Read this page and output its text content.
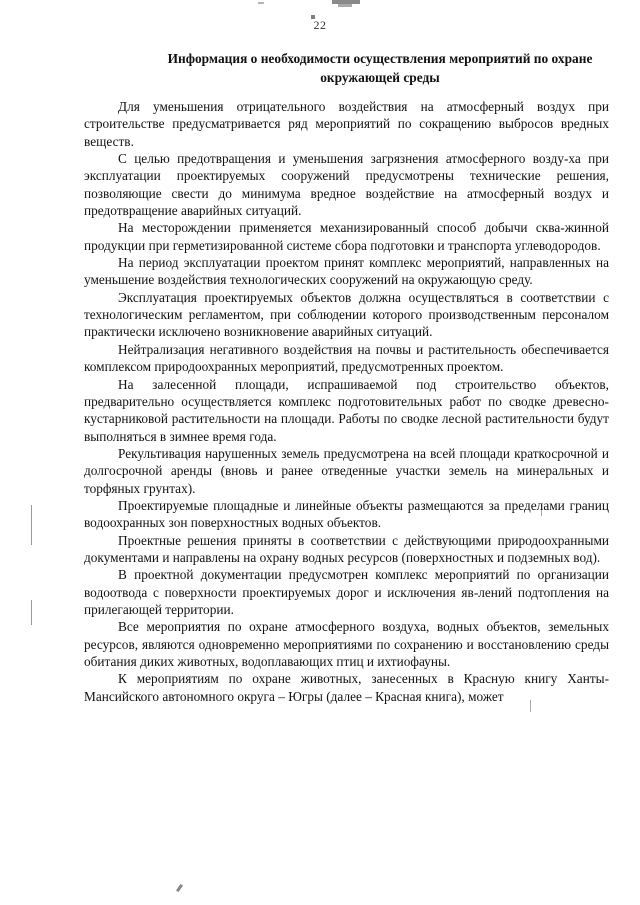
22
Информация о необходимости осуществления мероприятий по охране окружающей среды

Для уменьшения отрицательного воздействия на атмосферный воздух при строительстве предусматривается ряд мероприятий по сокращению выбросов вредных веществ.

С целью предотвращения и уменьшения загрязнения атмосферного возду-ха при эксплуатации проектируемых сооружений предусмотрены технические решения, позволяющие свести до минимума вредное воздействие на атмосферный воздух и предотвращение аварийных ситуаций.

На месторождении применяется механизированный способ добычи сква-жинной продукции при герметизированной системе сбора подготовки и транспорта углеводородов.

На период эксплуатации проектом принят комплекс мероприятий, направленных на уменьшение воздействия технологических сооружений на окружающую среду.

Эксплуатация проектируемых объектов должна осуществляться в соответствии с технологическим регламентом, при соблюдении которого производственным персоналом практически исключено возникновение аварийных ситуаций.

Нейтрализация негативного воздействия на почвы и растительность обеспечивается комплексом природоохранных мероприятий, предусмотренных проектом.

На залесенной площади, испрашиваемой под строительство объектов, предварительно осуществляется комплекс подготовительных работ по сводке древесно-кустарниковой растительности на площади. Работы по сводке лесной растительности будут выполняться в зимнее время года.

Рекультивация нарушенных земель предусмотрена на всей площади краткосрочной и долгосрочной аренды (вновь и ранее отведенные участки земель на минеральных и торфяных грунтах).

Проектируемые площадные и линейные объекты размещаются за пределами границ водоохранных зон поверхностных водных объектов.

Проектные решения приняты в соответствии с действующими природоохранными документами и направлены на охрану водных ресурсов (поверхностных и подземных вод).

В проектной документации предусмотрен комплекс мероприятий по организации водоотвода с поверхности проектируемых дорог и исключения яв-лений подтопления на прилегающей территории.

Все мероприятия по охране атмосферного воздуха, водных объектов, земельных ресурсов, являются одновременно мероприятиями по сохранению и восстановлению среды обитания диких животных, водоплавающих птиц и ихтиофауны.

К мероприятиям по охране животных, занесенных в Красную книгу Ханты-Мансийского автономного округа – Югры (далее – Красная книга), может
